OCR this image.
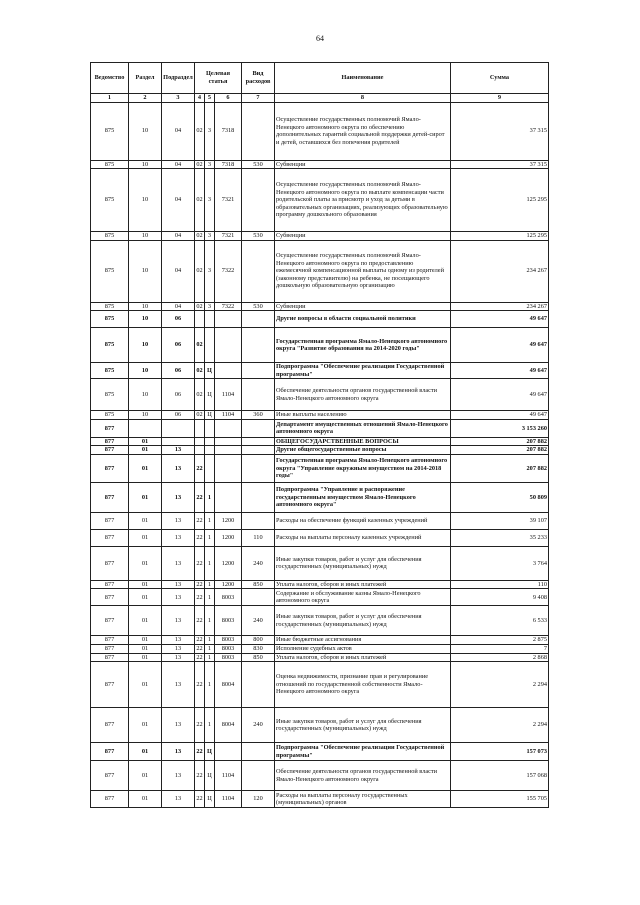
64
Ведомство	Раздел	Подраздел	Целевая статья			Вид расходов	Наименование	Сумма
1	2	3	4	5	6	7	8	9
875	10	04	02	3	7318		Осуществление государственных полномочий Ямало-Ненецкого автономного округа по обеспечению дополнительных гарантий социальной поддержки детей-сирот и детей, оставшихся без попечения родителей	37 315
875	10	04	02	3	7318	530	Субвенции	37 315
875	10	04	02	3	7321		Осуществление государственных полномочий Ямало-Ненецкого автономного округа по выплате компенсации части родительской платы за присмотр и уход за детьми в образовательных организациях, реализующих образовательную программу дошкольного образования	125 295
875	10	04	02	3	7321	530	Субвенции	125 295
875	10	04	02	3	7322		Осуществление государственных полномочий Ямало-Ненецкого автономного округа по предоставлению ежемесячной компенсационной выплаты одному из родителей (законному представителю) на ребенка, не посещающего дошкольную образовательную организацию	234 267
875	10	04	02	3	7322	530	Субвенции	234 267
875	10	06					Другие вопросы в области социальной политики	49 647
875	10	06	02				Государственная программа Ямало-Ненецкого автономного округа "Развитие образования на 2014-2020 годы"	49 647
875	10	06	02	Ц			Подпрограмма "Обеспечение реализации Государственной программы"	49 647
875	10	06	02	Ц	1104		Обеспечение деятельности органов государственной власти Ямало-Ненецкого автономного округа	49 647
875	10	06	02	Ц	1104	360	Иные выплаты населению	49 647
877							Департамент имущественных отношений Ямало-Ненецкого автономного округа	3 153 260
877	01						ОБЩЕГОСУДАРСТВЕННЫЕ ВОПРОСЫ	207 882
877	01	13					Другие общегосударственные вопросы	207 882
877	01	13	22				Государственная программа Ямало-Ненецкого автономного округа "Управление окружным имуществом на 2014-2018 годы"	207 882
877	01	13	22	1			Подпрограмма "Управление и распоряжение государственным имуществом Ямало-Ненецкого автономного округа"	50 809
877	01	13	22	1	1200		Расходы на обеспечение функций казенных учреждений	39 107
877	01	13	22	1	1200	110	Расходы на выплаты персоналу казенных учреждений	35 233
877	01	13	22	1	1200	240	Иные закупки товаров, работ и услуг для обеспечения государственных (муниципальных) нужд	3 764
877	01	13	22	1	1200	850	Уплата налогов, сборов и иных платежей	110
877	01	13	22	1	8003		Содержание и обслуживание казны Ямало-Ненецкого автономного округа	9 408
877	01	13	22	1	8003	240	Иные закупки товаров, работ и услуг для обеспечения государственных (муниципальных) нужд	6 533
877	01	13	22	1	8003	800	Иные бюджетные ассигнования	2 875
877	01	13	22	1	8003	830	Исполнение судебных актов	7
877	01	13	22	1	8003	850	Уплата налогов, сборов и иных платежей	2 868
877	01	13	22	1	8004		Оценка недвижимости, признание прав и регулирование отношений по государственной собственности Ямало-Ненецкого автономного округа	2 294
877	01	13	22	1	8004	240	Иные закупки товаров, работ и услуг для обеспечения государственных (муниципальных) нужд	2 294
877	01	13	22	Ц			Подпрограмма "Обеспечение реализации Государственной программы"	157 073
877	01	13	22	Ц	1104		Обеспечение деятельности органов государственной власти Ямало-Ненецкого автономного округа	157 068
877	01	13	22	Ц	1104	120	Расходы на выплаты персоналу государственных (муниципальных) органов	155 705
